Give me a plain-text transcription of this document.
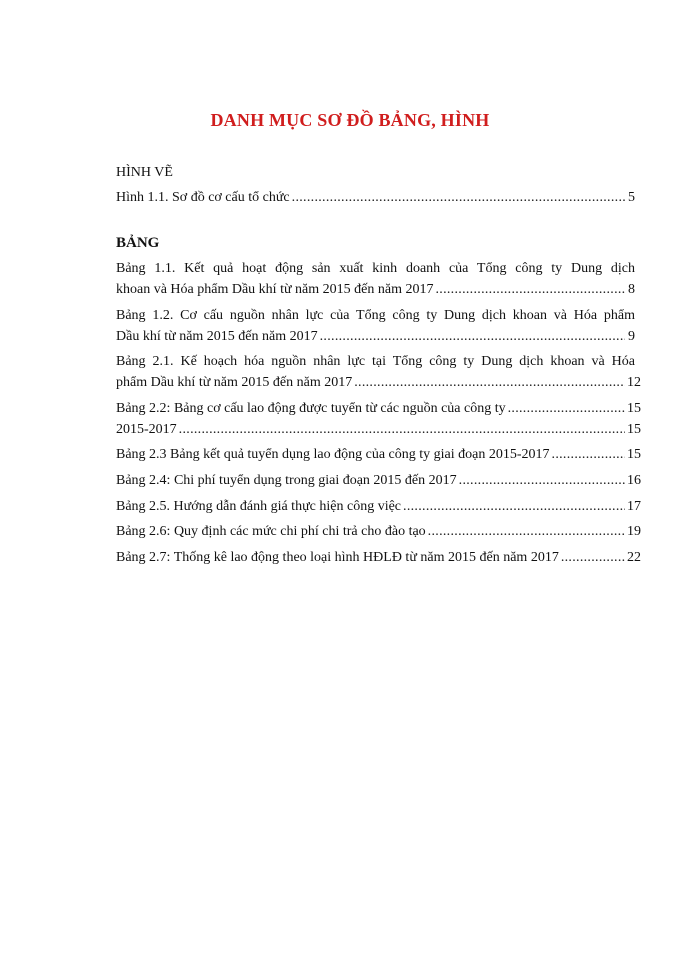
DANH MỤC SƠ ĐỒ BẢNG, HÌNH
HÌNH VẼ
Hình 1.1. Sơ đồ cơ cấu tổ chức .....	5
BẢNG
Bảng 1.1. Kết quả hoạt động sản xuất kinh doanh của Tổng công ty Dung dịch
khoan và Hóa phẩm Dầu khí từ năm 2015 đến năm 2017 .....	8
Bảng 1.2. Cơ cấu nguồn nhân lực của Tổng công ty Dung dịch khoan và Hóa phẩm
Dầu khí từ năm 2015 đến năm 2017 .....	9
Bảng 2.1. Kế hoạch hóa nguồn nhân lực tại Tổng công ty Dung dịch khoan và Hóa
phẩm Dầu khí từ năm 2015 đến năm 2017 .....	12
Bảng 2.2: Bảng cơ cấu lao động được tuyển từ các nguồn của công ty .....	15
2015-2017 .....	15
Bảng 2.3 Bảng kết quả tuyển dụng lao động của công ty giai đoạn 2015-2017 .....	15
Bảng 2.4: Chi phí tuyển dụng trong giai đoạn 2015 đến 2017 .....	16
Bảng 2.5. Hướng dẫn đánh giá thực hiện công việc .....	17
Bảng 2.6: Quy định các mức chi phí chi trả cho đào tạo .....	19
Bảng 2.7: Thống kê lao động theo loại hình HĐLĐ từ năm 2015 đến năm 2017 .....	22
